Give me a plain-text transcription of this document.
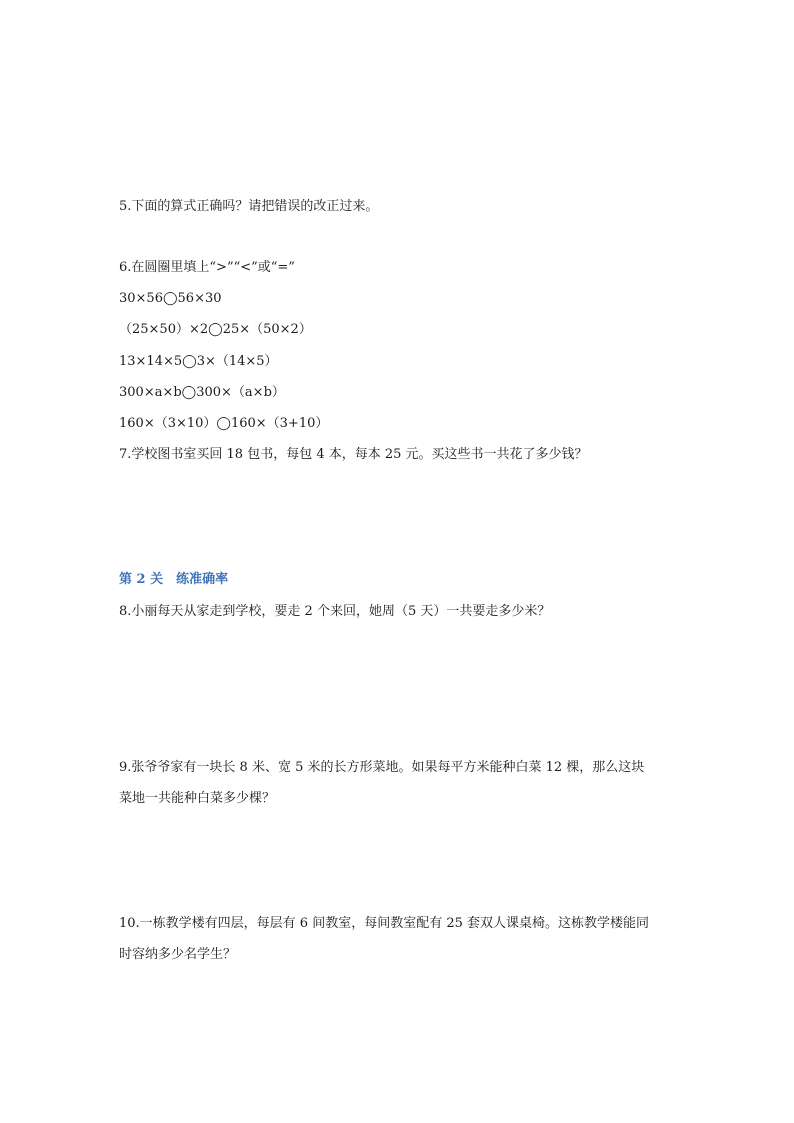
5.下面的算式正确吗？请把错误的改正过来。

6.在圆圈里填上“>”“<”或“=”

30×56◯56×30

（25×50）×2◯25×（50×2）

13×14×5◯3×（14×5）

300×a×b◯300×（a×b）

160×（3×10）◯160×（3+10）

7.学校图书室买回 18 包书，每包 4 本，每本 25 元。买这些书一共花了多少钱？

第 2 关　练准确率

8.小丽每天从家走到学校，要走 2 个来回，她周（5 天）一共要走多少米？

9.张爷爷家有一块长 8 米、宽 5 米的长方形菜地。如果每平方米能种白菜 12 棵，那么这块

菜地一共能种白菜多少棵？

10.一栋教学楼有四层，每层有 6 间教室，每间教室配有 25 套双人课桌椅。这栋教学楼能同

时容纳多少名学生？
